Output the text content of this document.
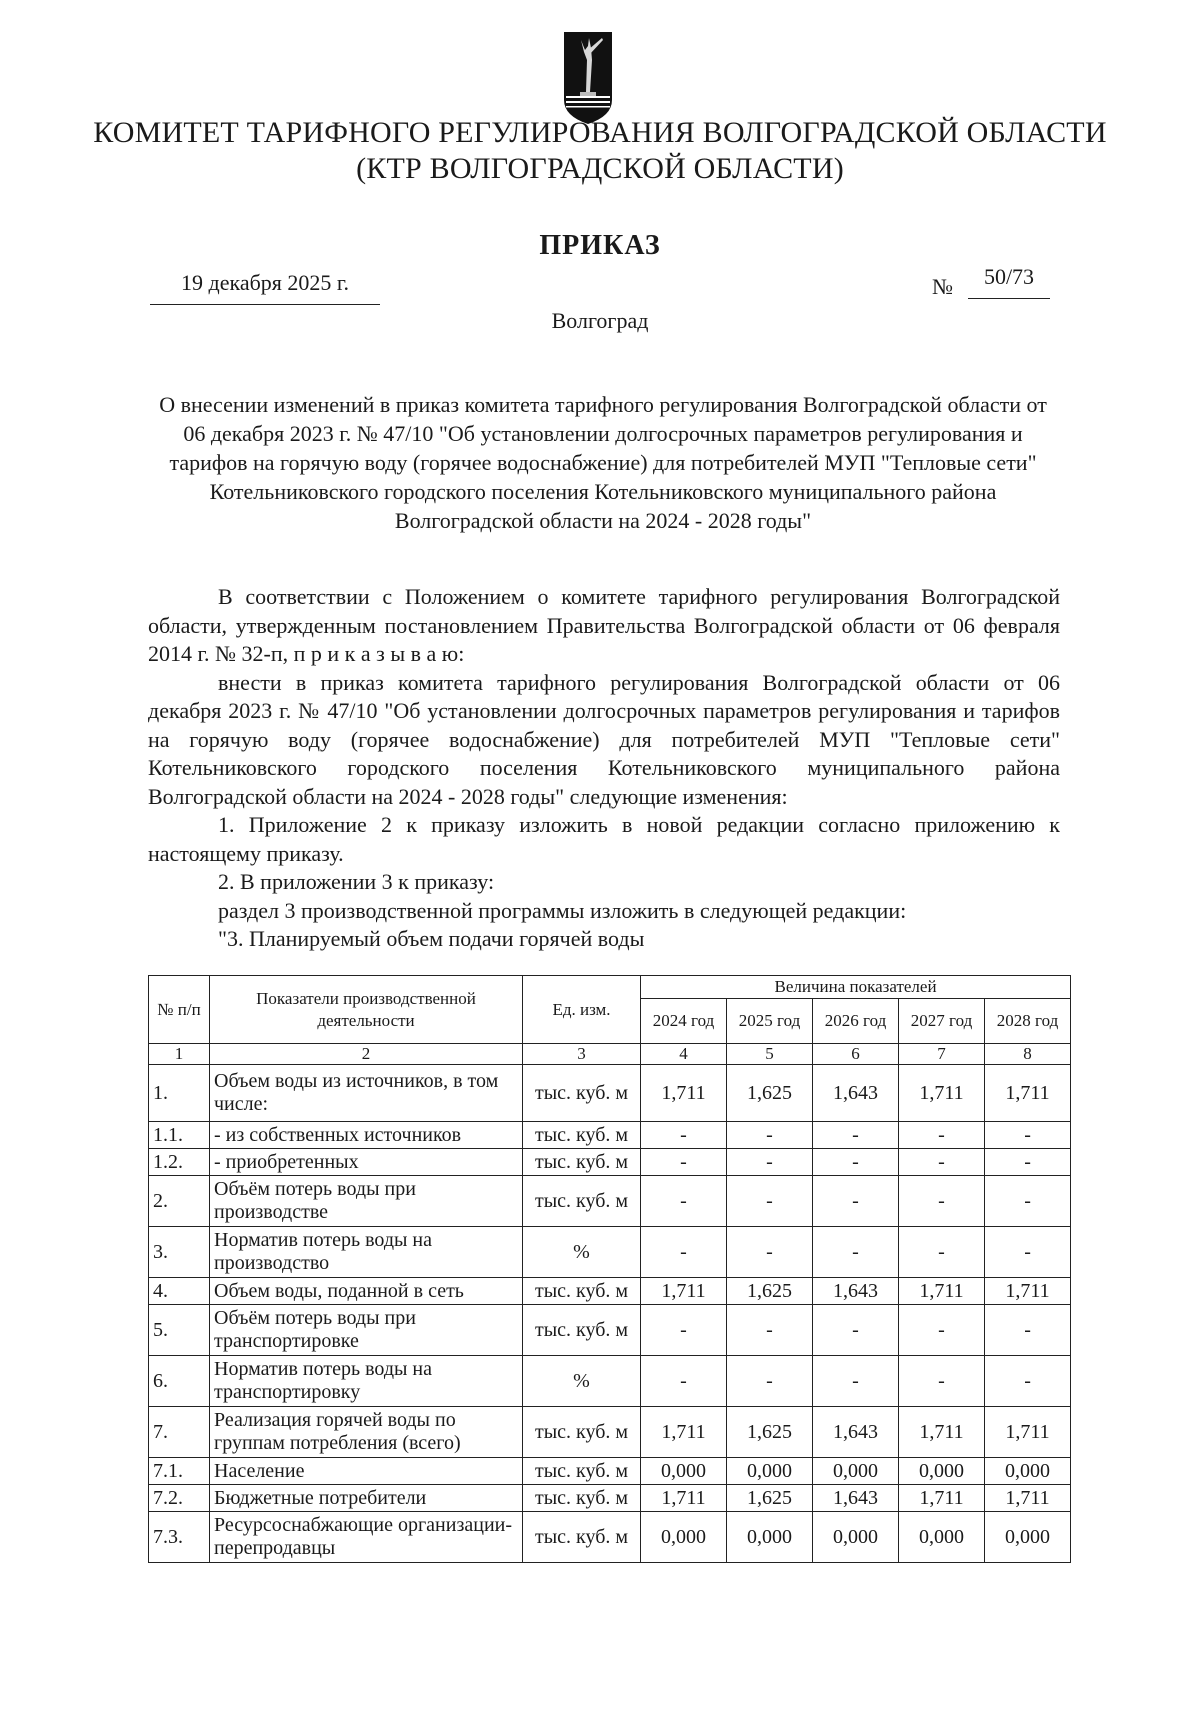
КОМИТЕТ ТАРИФНОГО РЕГУЛИРОВАНИЯ ВОЛГОГРАДСКОЙ ОБЛАСТИ
(КТР ВОЛГОГРАДСКОЙ ОБЛАСТИ)
ПРИКАЗ
19 декабря 2025 г.	№	50/73
Волгоград
О внесении изменений в приказ комитета тарифного регулирования Волгоградской области от 06 декабря 2023 г. № 47/10 "Об установлении долгосрочных параметров регулирования и тарифов на горячую воду (горячее водоснабжение) для потребителей МУП "Тепловые сети" Котельниковского городского поселения Котельниковского муниципального района Волгоградской области на 2024 - 2028 годы"

В соответствии с Положением о комитете тарифного регулирования Волгоградской области, утвержденным постановлением Правительства Волгоградской области от 06 февраля 2014 г. № 32-п, п р и к а з ы в а ю:

внести в приказ комитета тарифного регулирования Волгоградской области от 06 декабря 2023 г. № 47/10 "Об установлении долгосрочных параметров регулирования и тарифов на горячую воду (горячее водоснабжение) для потребителей МУП "Тепловые сети" Котельниковского городского поселения Котельниковского муниципального района Волгоградской области на 2024 - 2028 годы" следующие изменения:

1. Приложение 2 к приказу изложить в новой редакции согласно приложению к настоящему приказу.

2. В приложении 3 к приказу:

раздел 3 производственной программы изложить в следующей редакции:

"3. Планируемый объем подачи горячей воды

№ п/п	Показатели производственной деятельности	Ед. изм.	Величина показателей				
			2024 год	2025 год	2026 год	2027 год	2028 год
1	2	3	4	5	6	7	8
1.	Объем воды из источников, в том числе:	тыс. куб. м	1,711	1,625	1,643	1,711	1,711
1.1.	- из собственных источников	тыс. куб. м	-	-	-	-	-
1.2.	- приобретенных	тыс. куб. м	-	-	-	-	-
2.	Объём потерь воды при производстве	тыс. куб. м	-	-	-	-	-
3.	Норматив потерь воды на производство	%	-	-	-	-	-
4.	Объем воды, поданной в сеть	тыс. куб. м	1,711	1,625	1,643	1,711	1,711
5.	Объём потерь воды при транспортировке	тыс. куб. м	-	-	-	-	-
6.	Норматив потерь воды на транспортировку	%	-	-	-	-	-
7.	Реализация горячей воды по группам потребления (всего)	тыс. куб. м	1,711	1,625	1,643	1,711	1,711
7.1.	Население	тыс. куб. м	0,000	0,000	0,000	0,000	0,000
7.2.	Бюджетные потребители	тыс. куб. м	1,711	1,625	1,643	1,711	1,711
7.3.	Ресурсоснабжающие организации-перепродавцы	тыс. куб. м	0,000	0,000	0,000	0,000	0,000
